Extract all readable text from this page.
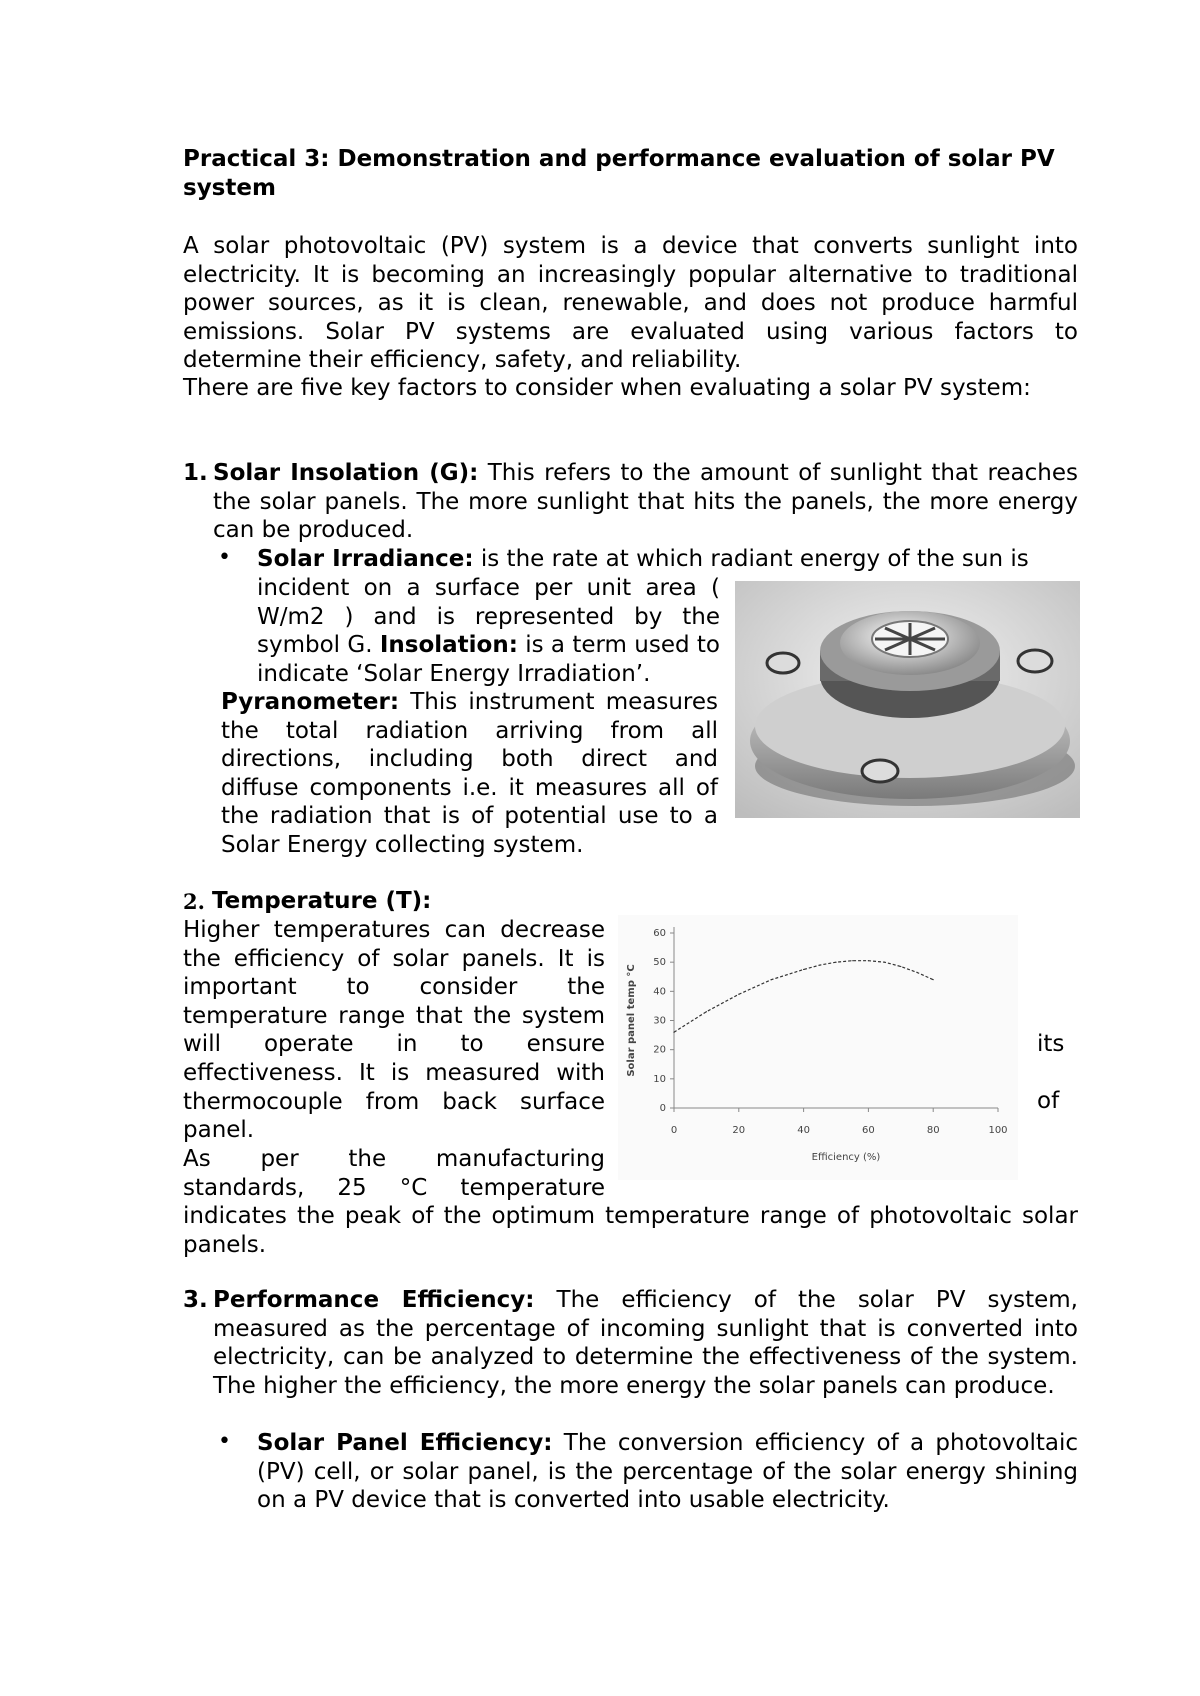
Practical 3: Demonstration and performance evaluation of solar PV system

A solar photovoltaic (PV) system is a device that converts sunlight into electricity. It is becoming an increasingly popular alternative to traditional power sources, as it is clean, renewable, and does not produce harmful emissions. Solar PV systems are evaluated using various factors to determine their efficiency, safety, and reliability.

There are five key factors to consider when evaluating a solar PV system:

1. Solar Insolation (G): This refers to the amount of sunlight that reaches the solar panels. The more sunlight that hits the panels, the more energy can be produced.

• Solar Irradiance: is the rate at which radiant energy of the sun is

incident on a surface per unit area ( W/m2 ) and is represented by the symbol G. Insolation: is a term used to indicate ‘Solar Energy Irradiation’.

Pyranometer: This instrument measures the total radiation arriving from all directions, including both direct and diffuse components i.e. it measures all of the radiation that is of potential use to a Solar Energy collecting system.

2. Temperature (T):

Higher temperatures can decrease the efficiency of solar panels. It is important to consider the temperature range that the system will operate in to ensure	its

effectiveness. It is measured with thermocouple from back surface	of

panel.

As per the manufacturing standards, 25 °C temperature

indicates the peak of the optimum temperature range of photovoltaic solar panels.

0
10
20
30
40
50
60
0	20	40	60	80	100
Efficiency (%)
Solar panel temp °C
3. Performance Efficiency: The efficiency of the solar PV system, measured as the percentage of incoming sunlight that is converted into electricity, can be analyzed to determine the effectiveness of the system. The higher the efficiency, the more energy the solar panels can produce.

• Solar Panel Efficiency: The conversion efficiency of a photovoltaic (PV) cell, or solar panel, is the percentage of the solar energy shining on a PV device that is converted into usable electricity.
